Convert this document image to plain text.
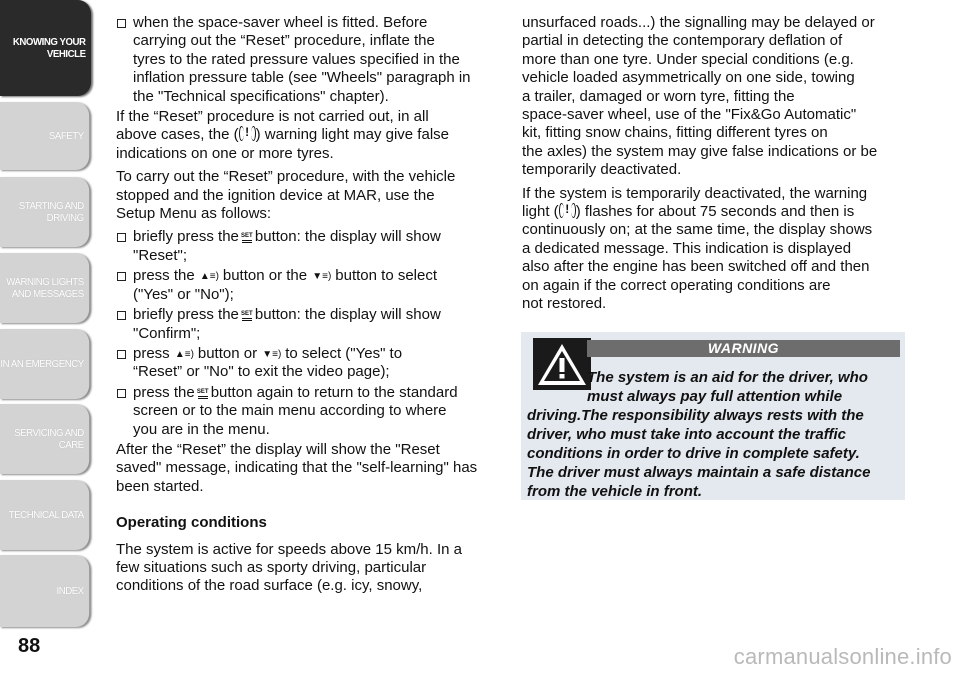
KNOWING YOUR
VEHICLE
SAFETY
STARTING AND
DRIVING
WARNING LIGHTS
AND MESSAGES
IN AN EMERGENCY
SERVICING AND
CARE
TECHNICAL DATA
INDEX
88
when the space-saver wheel is fitted. Before
carrying out the “Reset” procedure, inflate the
tyres to the rated pressure values specified in the
inflation pressure table (see "Wheels" paragraph in
the "Technical specifications" chapter).

If the “Reset” procedure is not carried out, in all
above cases, the ( ! ) warning light may give false
indications on one or more tyres.

To carry out the “Reset” procedure, with the vehicle
stopped and the ignition device at MAR, use the
Setup Menu as follows:

briefly press the SET button: the display will show
"Reset";
press the ▲≡) button or the ▼≡) button to select
("Yes" or "No");
briefly press the SET button: the display will show
"Confirm";
press ▲≡) button or ▼≡) to select ("Yes" to
“Reset” or "No" to exit the video page);
press the SET button again to return to the standard
screen or to the main menu according to where
you are in the menu.

After the “Reset” the display will show the "Reset
saved" message, indicating that the "self-learning" has
been started.

Operating conditions

The system is active for speeds above 15 km/h. In a
few situations such as sporty driving, particular
conditions of the road surface (e.g. icy, snowy,

unsurfaced roads...) the signalling may be delayed or
partial in detecting the contemporary deflation of
more than one tyre. Under special conditions (e.g.
vehicle loaded asymmetrically on one side, towing
a trailer, damaged or worn tyre, fitting the
space-saver wheel, use of the "Fix&Go Automatic"
kit, fitting snow chains, fitting different tyres on
the axles) the system may give false indications or be
temporarily deactivated.

If the system is temporarily deactivated, the warning
light ( ! ) flashes for about 75 seconds and then is
continuously on; at the same time, the display shows
a dedicated message. This indication is displayed
also after the engine has been switched off and then
on again if the correct operating conditions are
not restored.

WARNING
The system is an aid for the driver, who
must always pay full attention while
driving.The responsibility always rests with the
driver, who must take into account the traffic
conditions in order to drive in complete safety.
The driver must always maintain a safe distance
from the vehicle in front.
carmanualsonline.info
